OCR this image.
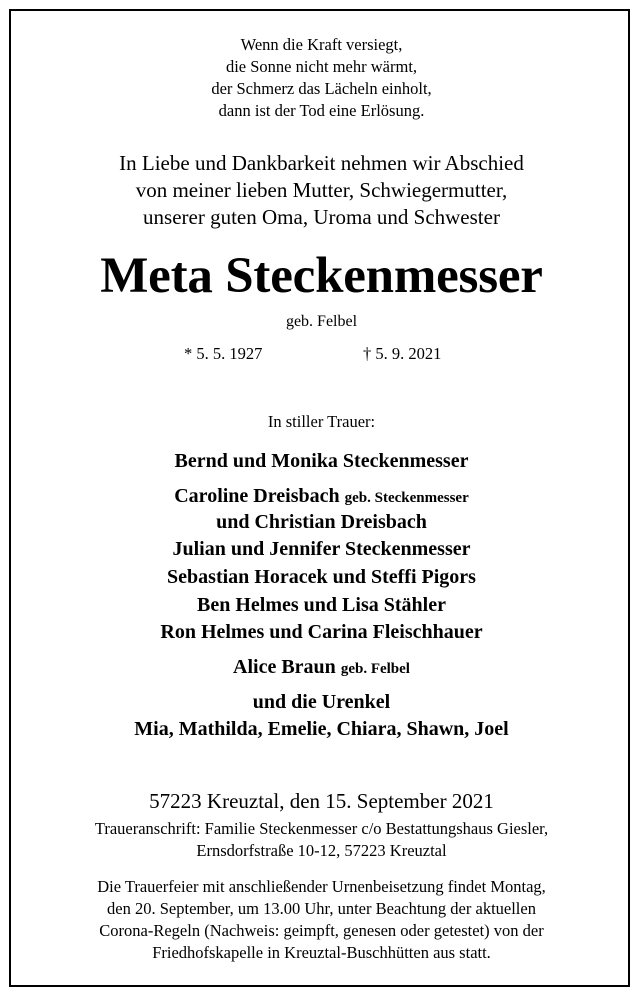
Wenn die Kraft versiegt,
die Sonne nicht mehr wärmt,
der Schmerz das Lächeln einholt,
dann ist der Tod eine Erlösung.
In Liebe und Dankbarkeit nehmen wir Abschied
von meiner lieben Mutter, Schwiegermutter,
unserer guten Oma, Uroma und Schwester
Meta Steckenmesser
geb. Felbel
* 5. 5. 1927	† 5. 9. 2021
In stiller Trauer:
Bernd und Monika Steckenmesser
Caroline Dreisbach geb. Steckenmesser
und Christian Dreisbach
Julian und Jennifer Steckenmesser
Sebastian Horacek und Steffi Pigors
Ben Helmes und Lisa Stähler
Ron Helmes und Carina Fleischhauer
Alice Braun geb. Felbel
und die Urenkel
Mia, Mathilda, Emelie, Chiara, Shawn, Joel
57223 Kreuztal, den 15. September 2021
Traueranschrift: Familie Steckenmesser c/o Bestattungshaus Giesler,
Ernsdorfstraße 10-12, 57223 Kreuztal
Die Trauerfeier mit anschließender Urnenbeisetzung findet Montag,
den 20. September, um 13.00 Uhr, unter Beachtung der aktuellen
Corona-Regeln (Nachweis: geimpft, genesen oder getestet) von der
Friedhofskapelle in Kreuztal-Buschhütten aus statt.
